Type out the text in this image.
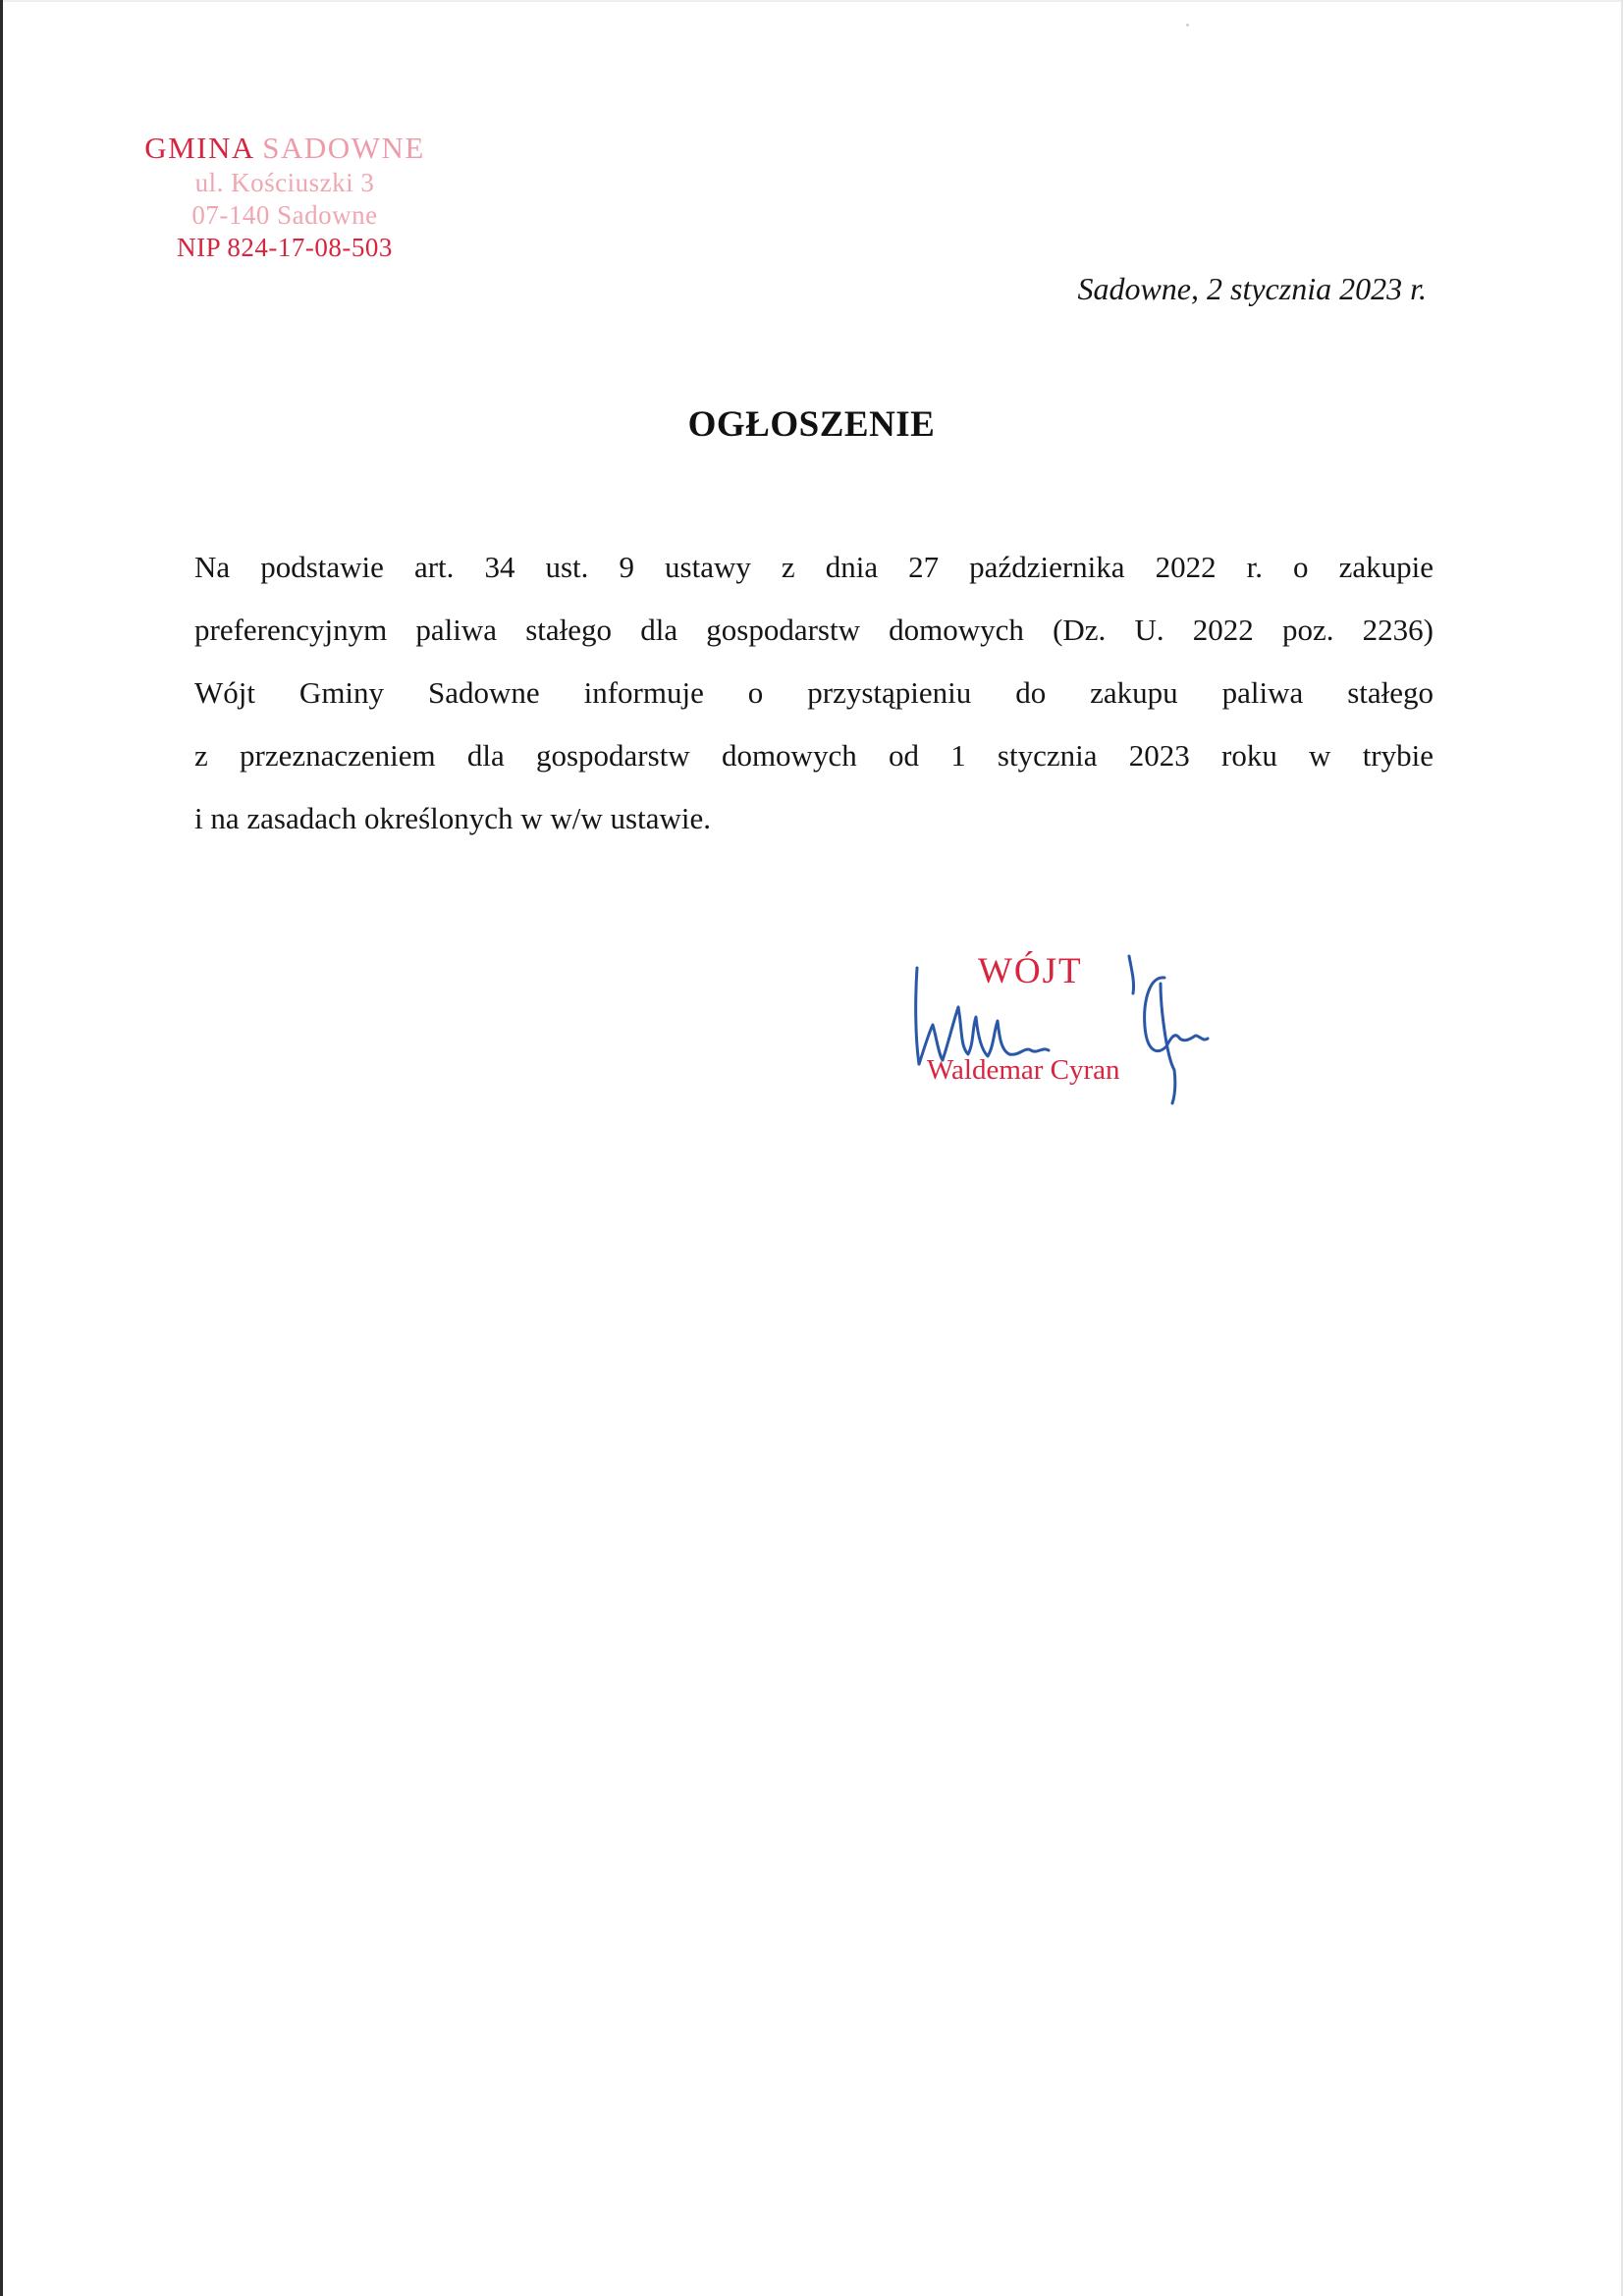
GMINA SADOWNE
ul. Kościuszki 3
07-140 Sadowne
NIP 824-17-08-503
Sadowne, 2 stycznia 2023 r.
OGŁOSZENIE
Na podstawie art. 34 ust. 9 ustawy z dnia 27 października 2022 r. o zakupie
preferencyjnym paliwa stałego dla gospodarstw domowych (Dz. U. 2022 poz. 2236)
Wójt Gminy Sadowne informuje o przystąpieniu do zakupu paliwa stałego
z przeznaczeniem dla gospodarstw domowych od 1 stycznia 2023 roku w trybie
i na zasadach określonych w w/w ustawie.
WÓJT
Waldemar Cyran
